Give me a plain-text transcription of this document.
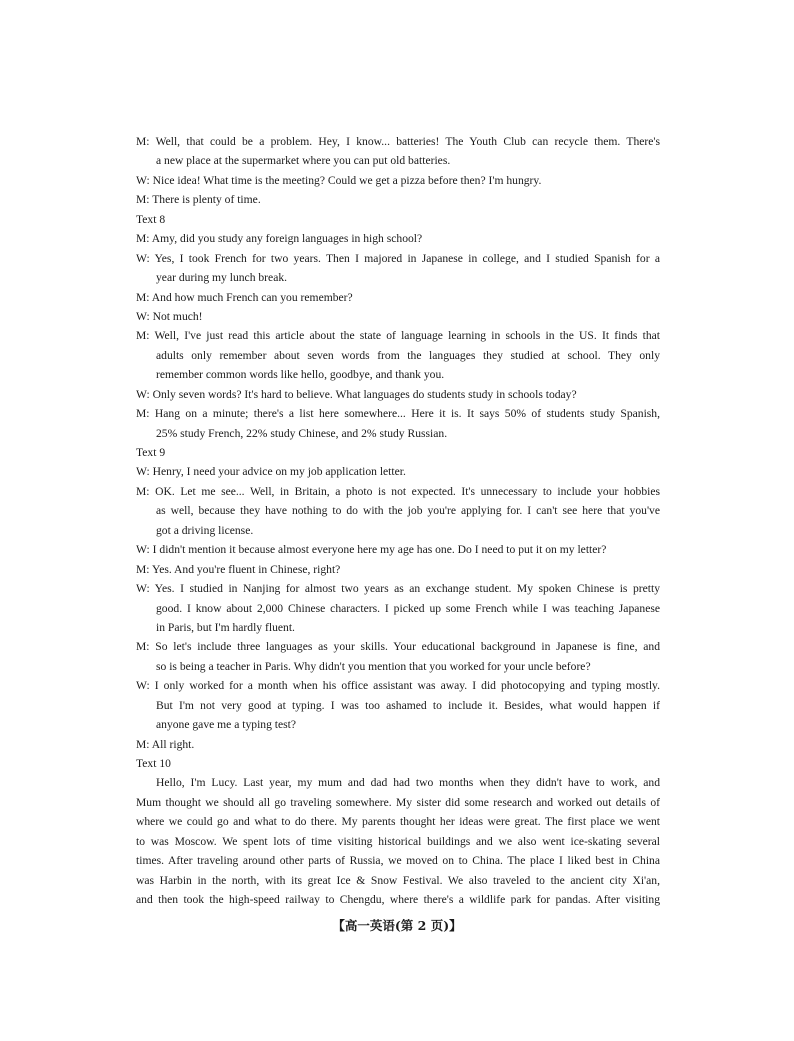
M: Well, that could be a problem. Hey, I know... batteries! The Youth Club can recycle them. There's
a new place at the supermarket where you can put old batteries.
W: Nice idea! What time is the meeting? Could we get a pizza before then? I'm hungry.
M: There is plenty of time.
Text 8
M: Amy, did you study any foreign languages in high school?
W: Yes, I took French for two years. Then I majored in Japanese in college, and I studied Spanish for a
year during my lunch break.
M: And how much French can you remember?
W: Not much!
M: Well, I've just read this article about the state of language learning in schools in the US. It finds that
adults only remember about seven words from the languages they studied at school. They only
remember common words like hello, goodbye, and thank you.
W: Only seven words? It's hard to believe. What languages do students study in schools today?
M: Hang on a minute; there's a list here somewhere... Here it is. It says 50% of students study Spanish,
25% study French, 22% study Chinese, and 2% study Russian.
Text 9
W: Henry, I need your advice on my job application letter.
M: OK. Let me see... Well, in Britain, a photo is not expected. It's unnecessary to include your hobbies
as well, because they have nothing to do with the job you're applying for. I can't see here that you've
got a driving license.
W: I didn't mention it because almost everyone here my age has one. Do I need to put it on my letter?
M: Yes. And you're fluent in Chinese, right?
W: Yes. I studied in Nanjing for almost two years as an exchange student. My spoken Chinese is pretty
good. I know about 2,000 Chinese characters. I picked up some French while I was teaching Japanese
in Paris, but I'm hardly fluent.
M: So let's include three languages as your skills. Your educational background in Japanese is fine, and
so is being a teacher in Paris. Why didn't you mention that you worked for your uncle before?
W: I only worked for a month when his office assistant was away. I did photocopying and typing mostly.
But I'm not very good at typing. I was too ashamed to include it. Besides, what would happen if
anyone gave me a typing test?
M: All right.
Text 10
Hello, I'm Lucy. Last year, my mum and dad had two months when they didn't have to work, and
Mum thought we should all go traveling somewhere. My sister did some research and worked out details of
where we could go and what to do there. My parents thought her ideas were great. The first place we went
to was Moscow. We spent lots of time visiting historical buildings and we also went ice-skating several
times. After traveling around other parts of Russia, we moved on to China. The place I liked best in China
was Harbin in the north, with its great Ice & Snow Festival. We also traveled to the ancient city Xi'an,
and then took the high-speed railway to Chengdu, where there's a wildlife park for pandas. After visiting
【高一英语(第 2 页)】
